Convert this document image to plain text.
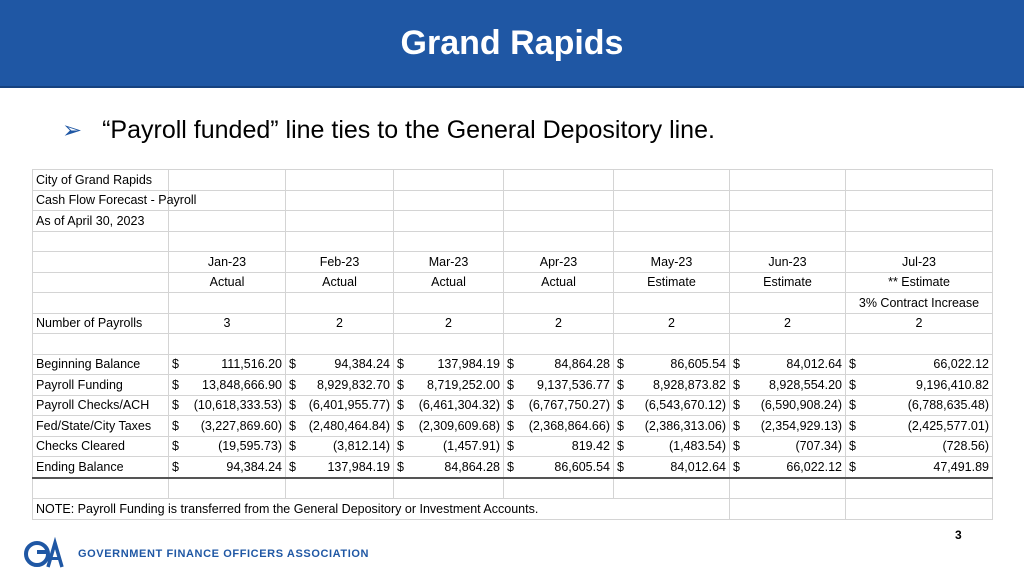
Grand Rapids
➢ “Payroll funded” line ties to the General Depository line.
City of Grand Rapids							
Cash Flow Forecast - Payroll							
As of April 30, 2023							

	Jan-23	Feb-23	Mar-23	Apr-23	May-23	Jun-23	Jul-23
	Actual	Actual	Actual	Actual	Estimate	Estimate	** Estimate
							3% Contract Increase
Number of Payrolls	3	2	2	2	2	2	2

Beginning Balance	$ 111,516.20	$ 94,384.24	$ 137,984.19	$ 84,864.28	$ 86,605.54	$ 84,012.64	$ 66,022.12

Payroll Funding	$ 13,848,666.90	$ 8,929,832.70	$ 8,719,252.00	$ 9,137,536.77	$ 8,928,873.82	$ 8,928,554.20	$ 9,196,410.82

Payroll Checks/ACH	$ (10,618,333.53)	$ (6,401,955.77)	$ (6,461,304.32)	$ (6,767,750.27)	$ (6,543,670.12)	$ (6,590,908.24)	$ (6,788,635.48)

Fed/State/City Taxes	$ (3,227,869.60)	$ (2,480,464.84)	$ (2,309,609.68)	$ (2,368,864.66)	$ (2,386,313.06)	$ (2,354,929.13)	$ (2,425,577.01)

Checks Cleared	$ (19,595.73)	$ (3,812.14)	$ (1,457.91)	$ 819.42	$ (1,483.54)	$ (707.34)	$ (728.56)

Ending Balance	$ 94,384.24	$ 137,984.19	$ 84,864.28	$ 86,605.54	$ 84,012.64	$ 66,022.12	$ 47,491.89

NOTE: Payroll Funding is transferred from the General Depository or Investment Accounts.							
GOVERNMENT FINANCE OFFICERS ASSOCIATION
3
